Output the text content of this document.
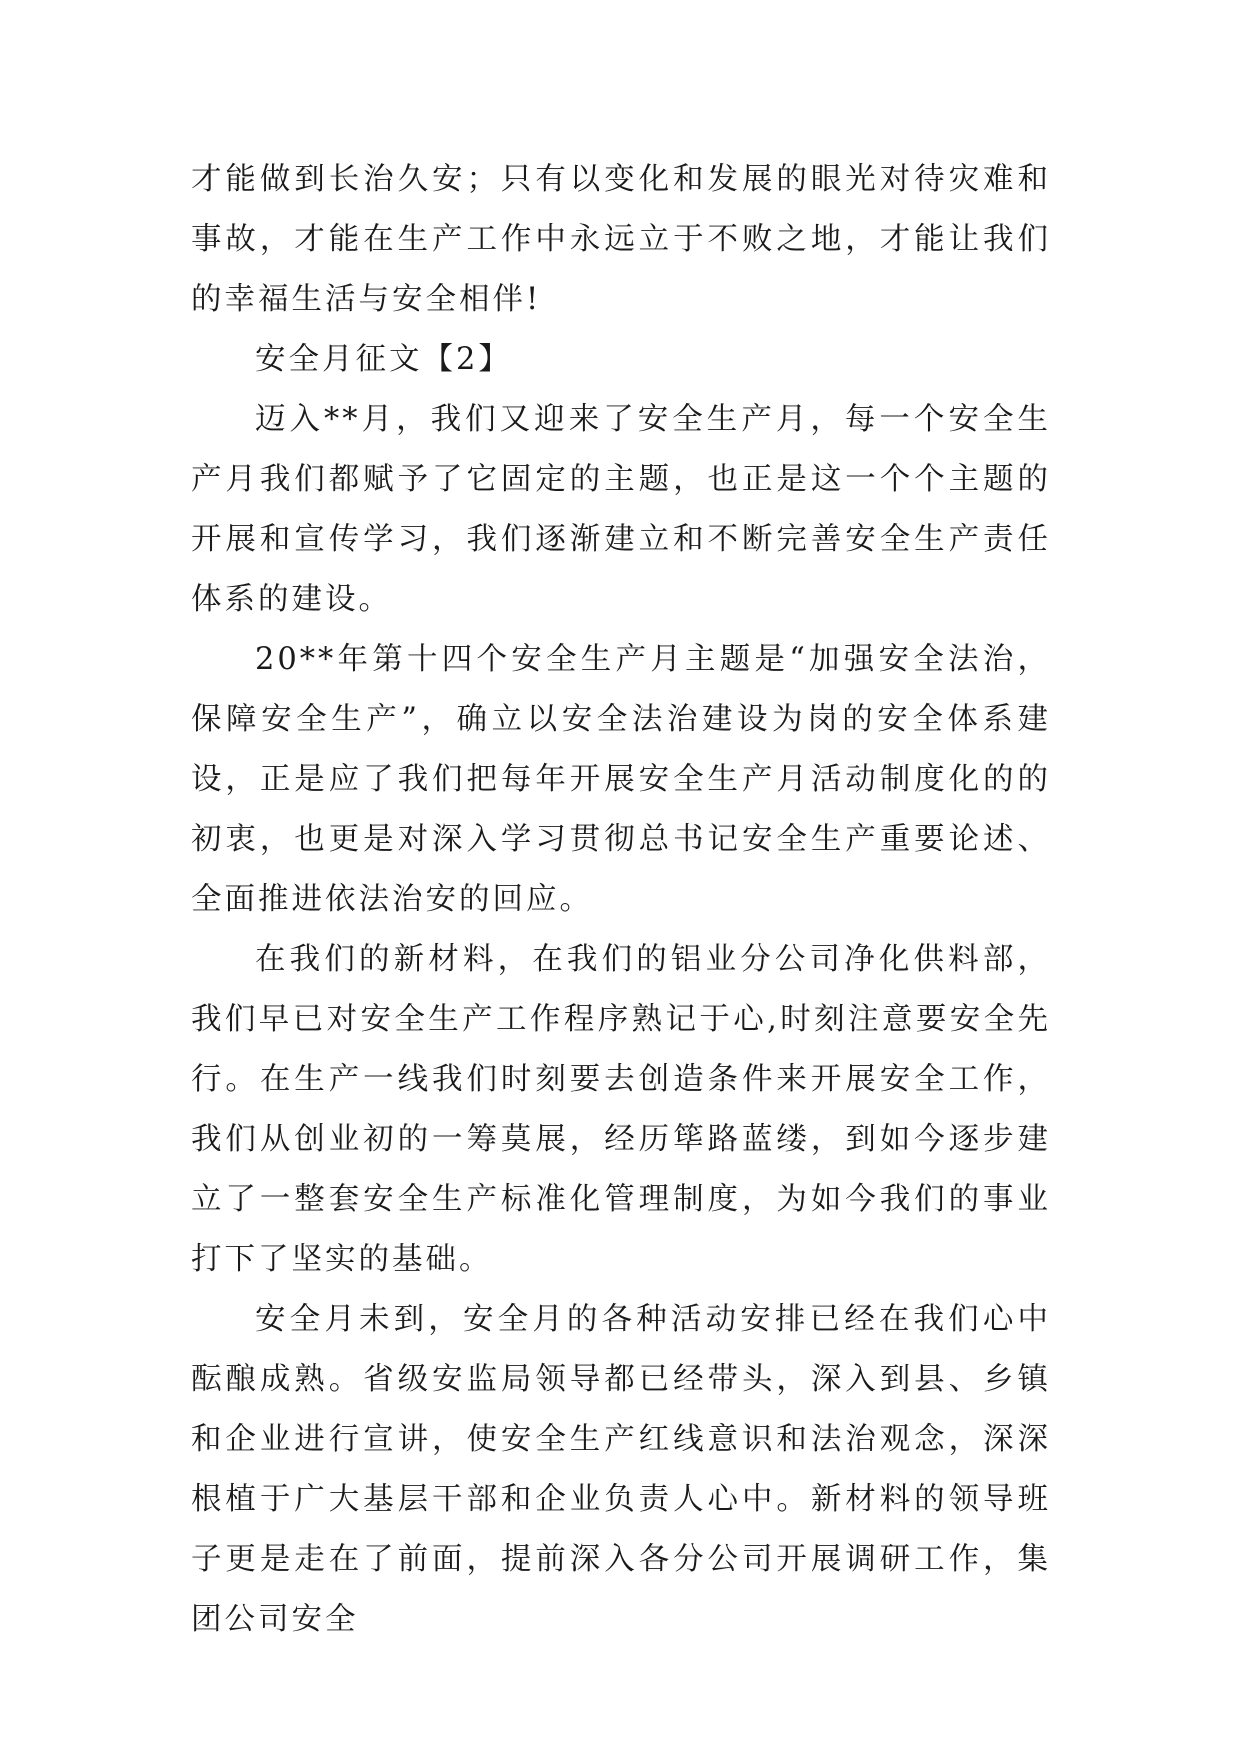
才能做到长治久安；只有以变化和发展的眼光对待灾难和事故，才能在生产工作中永远立于不败之地，才能让我们的幸福生活与安全相伴!

安全月征文【2】

迈入**月，我们又迎来了安全生产月，每一个安全生产月我们都赋予了它固定的主题，也正是这一个个主题的开展和宣传学习，我们逐渐建立和不断完善安全生产责任体系的建设。

20**年第十四个安全生产月主题是“加强安全法治，保障安全生产”，确立以安全法治建设为岗的安全体系建设，正是应了我们把每年开展安全生产月活动制度化的的初衷，也更是对深入学习贯彻总书记安全生产重要论述、全面推进依法治安的回应。

在我们的新材料，在我们的铝业分公司净化供料部，我们早已对安全生产工作程序熟记于心,时刻注意要安全先行。在生产一线我们时刻要去创造条件来开展安全工作，我们从创业初的一筹莫展，经历筚路蓝缕，到如今逐步建立了一整套安全生产标准化管理制度，为如今我们的事业打下了坚实的基础。

安全月未到，安全月的各种活动安排已经在我们心中酝酿成熟。省级安监局领导都已经带头，深入到县、乡镇和企业进行宣讲，使安全生产红线意识和法治观念，深深根植于广大基层干部和企业负责人心中。新材料的领导班子更是走在了前面，提前深入各分公司开展调研工作，集团公司安全
